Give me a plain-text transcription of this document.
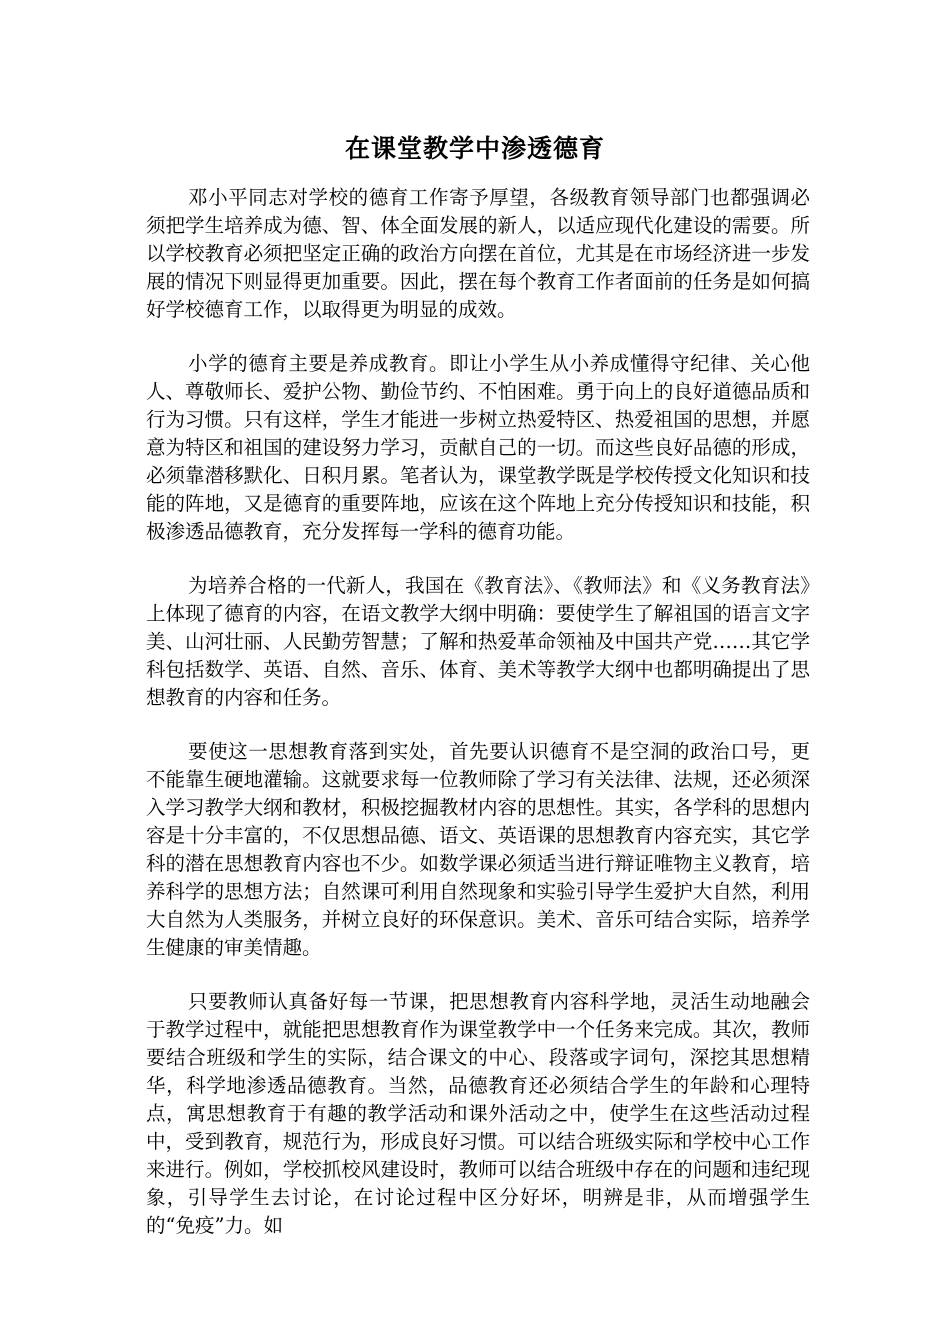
在课堂教学中渗透德育

邓小平同志对学校的德育工作寄予厚望，各级教育领导部门也都强调必须把学生培养成为德、智、体全面发展的新人，以适应现代化建设的需要。所以学校教育必须把坚定正确的政治方向摆在首位，尤其是在市场经济进一步发展的情况下则显得更加重要。因此，摆在每个教育工作者面前的任务是如何搞好学校德育工作，以取得更为明显的成效。

小学的德育主要是养成教育。即让小学生从小养成懂得守纪律、关心他人、尊敬师长、爱护公物、勤俭节约、不怕困难。勇于向上的良好道德品质和行为习惯。只有这样，学生才能进一步树立热爱特区、热爱祖国的思想，并愿意为特区和祖国的建设努力学习，贡献自己的一切。而这些良好品德的形成，必须靠潜移默化、日积月累。笔者认为，课堂教学既是学校传授文化知识和技能的阵地，又是德育的重要阵地，应该在这个阵地上充分传授知识和技能，积极渗透品德教育，充分发挥每一学科的德育功能。

为培养合格的一代新人，我国在《教育法》、《教师法》和《义务教育法》上体现了德育的内容，在语文教学大纲中明确：要使学生了解祖国的语言文字美、山河壮丽、人民勤劳智慧；了解和热爱革命领袖及中国共产党……其它学科包括数学、英语、自然、音乐、体育、美术等教学大纲中也都明确提出了思想教育的内容和任务。

要使这一思想教育落到实处，首先要认识德育不是空洞的政治口号，更不能靠生硬地灌输。这就要求每一位教师除了学习有关法律、法规，还必须深入学习教学大纲和教材，积极挖掘教材内容的思想性。其实，各学科的思想内容是十分丰富的，不仅思想品德、语文、英语课的思想教育内容充实，其它学科的潜在思想教育内容也不少。如数学课必须适当进行辩证唯物主义教育，培养科学的思想方法；自然课可利用自然现象和实验引导学生爱护大自然，利用大自然为人类服务，并树立良好的环保意识。美术、音乐可结合实际，培养学生健康的审美情趣。

只要教师认真备好每一节课，把思想教育内容科学地，灵活生动地融会于教学过程中，就能把思想教育作为课堂教学中一个任务来完成。其次，教师要结合班级和学生的实际，结合课文的中心、段落或字词句，深挖其思想精华，科学地渗透品德教育。当然，品德教育还必须结合学生的年龄和心理特点，寓思想教育于有趣的教学活动和课外活动之中，使学生在这些活动过程中，受到教育，规范行为，形成良好习惯。可以结合班级实际和学校中心工作来进行。例如，学校抓校风建设时，教师可以结合班级中存在的问题和违纪现象，引导学生去讨论，在讨论过程中区分好坏，明辨是非，从而增强学生的“免疫”力。如
